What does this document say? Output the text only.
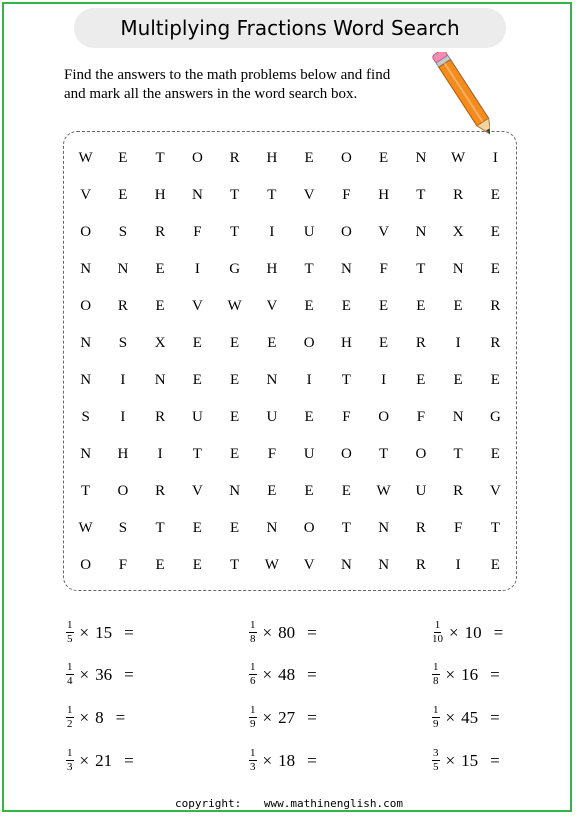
Multiplying Fractions Word Search
Find the answers to the math problems below and find
and mark all the answers in the word search box.
W	E	T	O	R	H	E	O	E	N	W	I
V	E	H	N	T	T	V	F	H	T	R	E
O	S	R	F	T	I	U	O	V	N	X	E
N	N	E	I	G	H	T	N	F	T	N	E
O	R	E	V	W	V	E	E	E	E	E	R
N	S	X	E	E	E	O	H	E	R	I	R
N	I	N	E	E	N	I	T	I	E	E	E
S	I	R	U	E	U	E	F	O	F	N	G
N	H	I	T	E	F	U	O	T	O	T	E
T	O	R	V	N	E	E	E	W	U	R	V
W	S	T	E	E	N	O	T	N	R	F	T
O	F	E	E	T	W	V	N	N	R	I	E
$\frac{1}{5} \times 15$ =	$\frac{1}{8} \times 80$ =	$\frac{1}{10} \times 10$ =
$\frac{1}{4} \times 36$ =	$\frac{1}{6} \times 48$ =	$\frac{1}{8} \times 16$ =
$\frac{1}{2} \times 8$ =	$\frac{1}{9} \times 27$ =	$\frac{1}{9} \times 45$ =
$\frac{1}{3} \times 21$ =	$\frac{1}{3} \times 18$ =	$\frac{3}{5} \times 15$ =
copyright: www.mathinenglish.com
